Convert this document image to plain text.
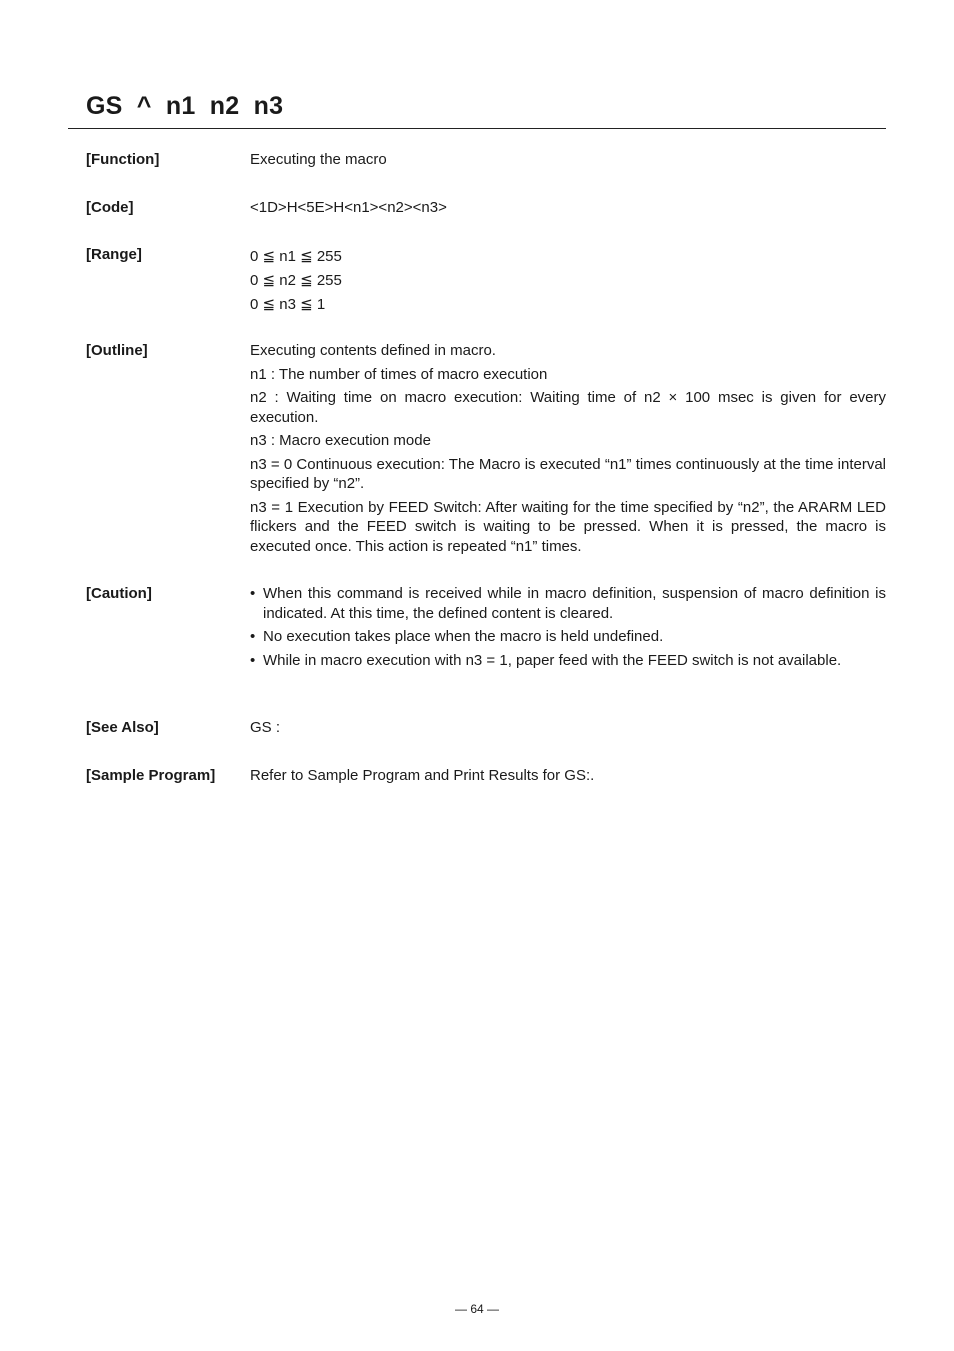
GS  ^  n1  n2  n3
[Function]	Executing the macro
[Code]	<1D>H<5E>H<n1><n2><n3>
[Range]	0 ≦ n1 ≦ 255

0 ≦ n2 ≦ 255

0 ≦ n3 ≦ 1

[Outline]	Executing contents defined in macro.

n1 : The number of times of macro execution

n2 : Waiting time on macro execution: Waiting time of n2 × 100 msec is given for every execution.

n3 : Macro execution mode

n3 = 0 Continuous execution: The Macro is executed “n1” times continuously at the time interval specified by “n2”.

n3 = 1 Execution by FEED Switch: After waiting for the time specified by “n2”, the ARARM LED flickers and the FEED switch is waiting to be pressed. When it is pressed, the macro is executed once. This action is repeated “n1” times.

[Caution]	• When this command is received while in macro definition, suspension of macro definition is indicated. At this time, the defined content is cleared.
• No execution takes place when the macro is held undefined.
• While in macro execution with n3 = 1, paper feed with the FEED switch is not available.
[See Also]	GS :
[Sample Program] Refer to Sample Program and Print Results for GS:.
— 64 —
